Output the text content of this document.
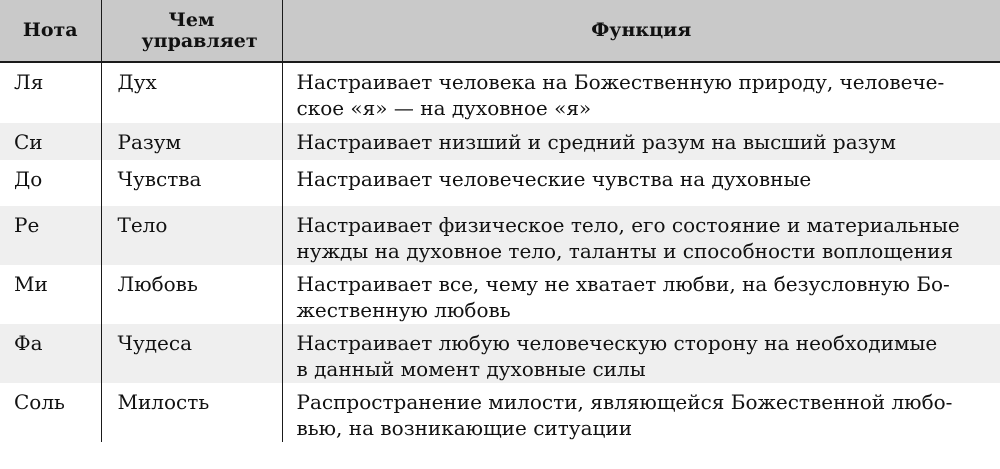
Нота	Чем управляет	Функция
Ля	Дух	Настраивает человека на Божественную природу, человече-
ское «я» — на духовное «я»
Си	Разум	Настраивает низший и средний разум на высший разум
До	Чувства	Настраивает человеческие чувства на духовные
Ре	Тело	Настраивает физическое тело, его состояние и материальные
нужды на духовное тело, таланты и способности воплощения
Ми	Любовь	Настраивает все, чему не хватает любви, на безусловную Бо-
жественную любовь
Фа	Чудеса	Настраивает любую человеческую сторону на необходимые
в данный момент духовные силы
Соль	Милость	Распространение милости, являющейся Божественной любо-
вью, на возникающие ситуации
